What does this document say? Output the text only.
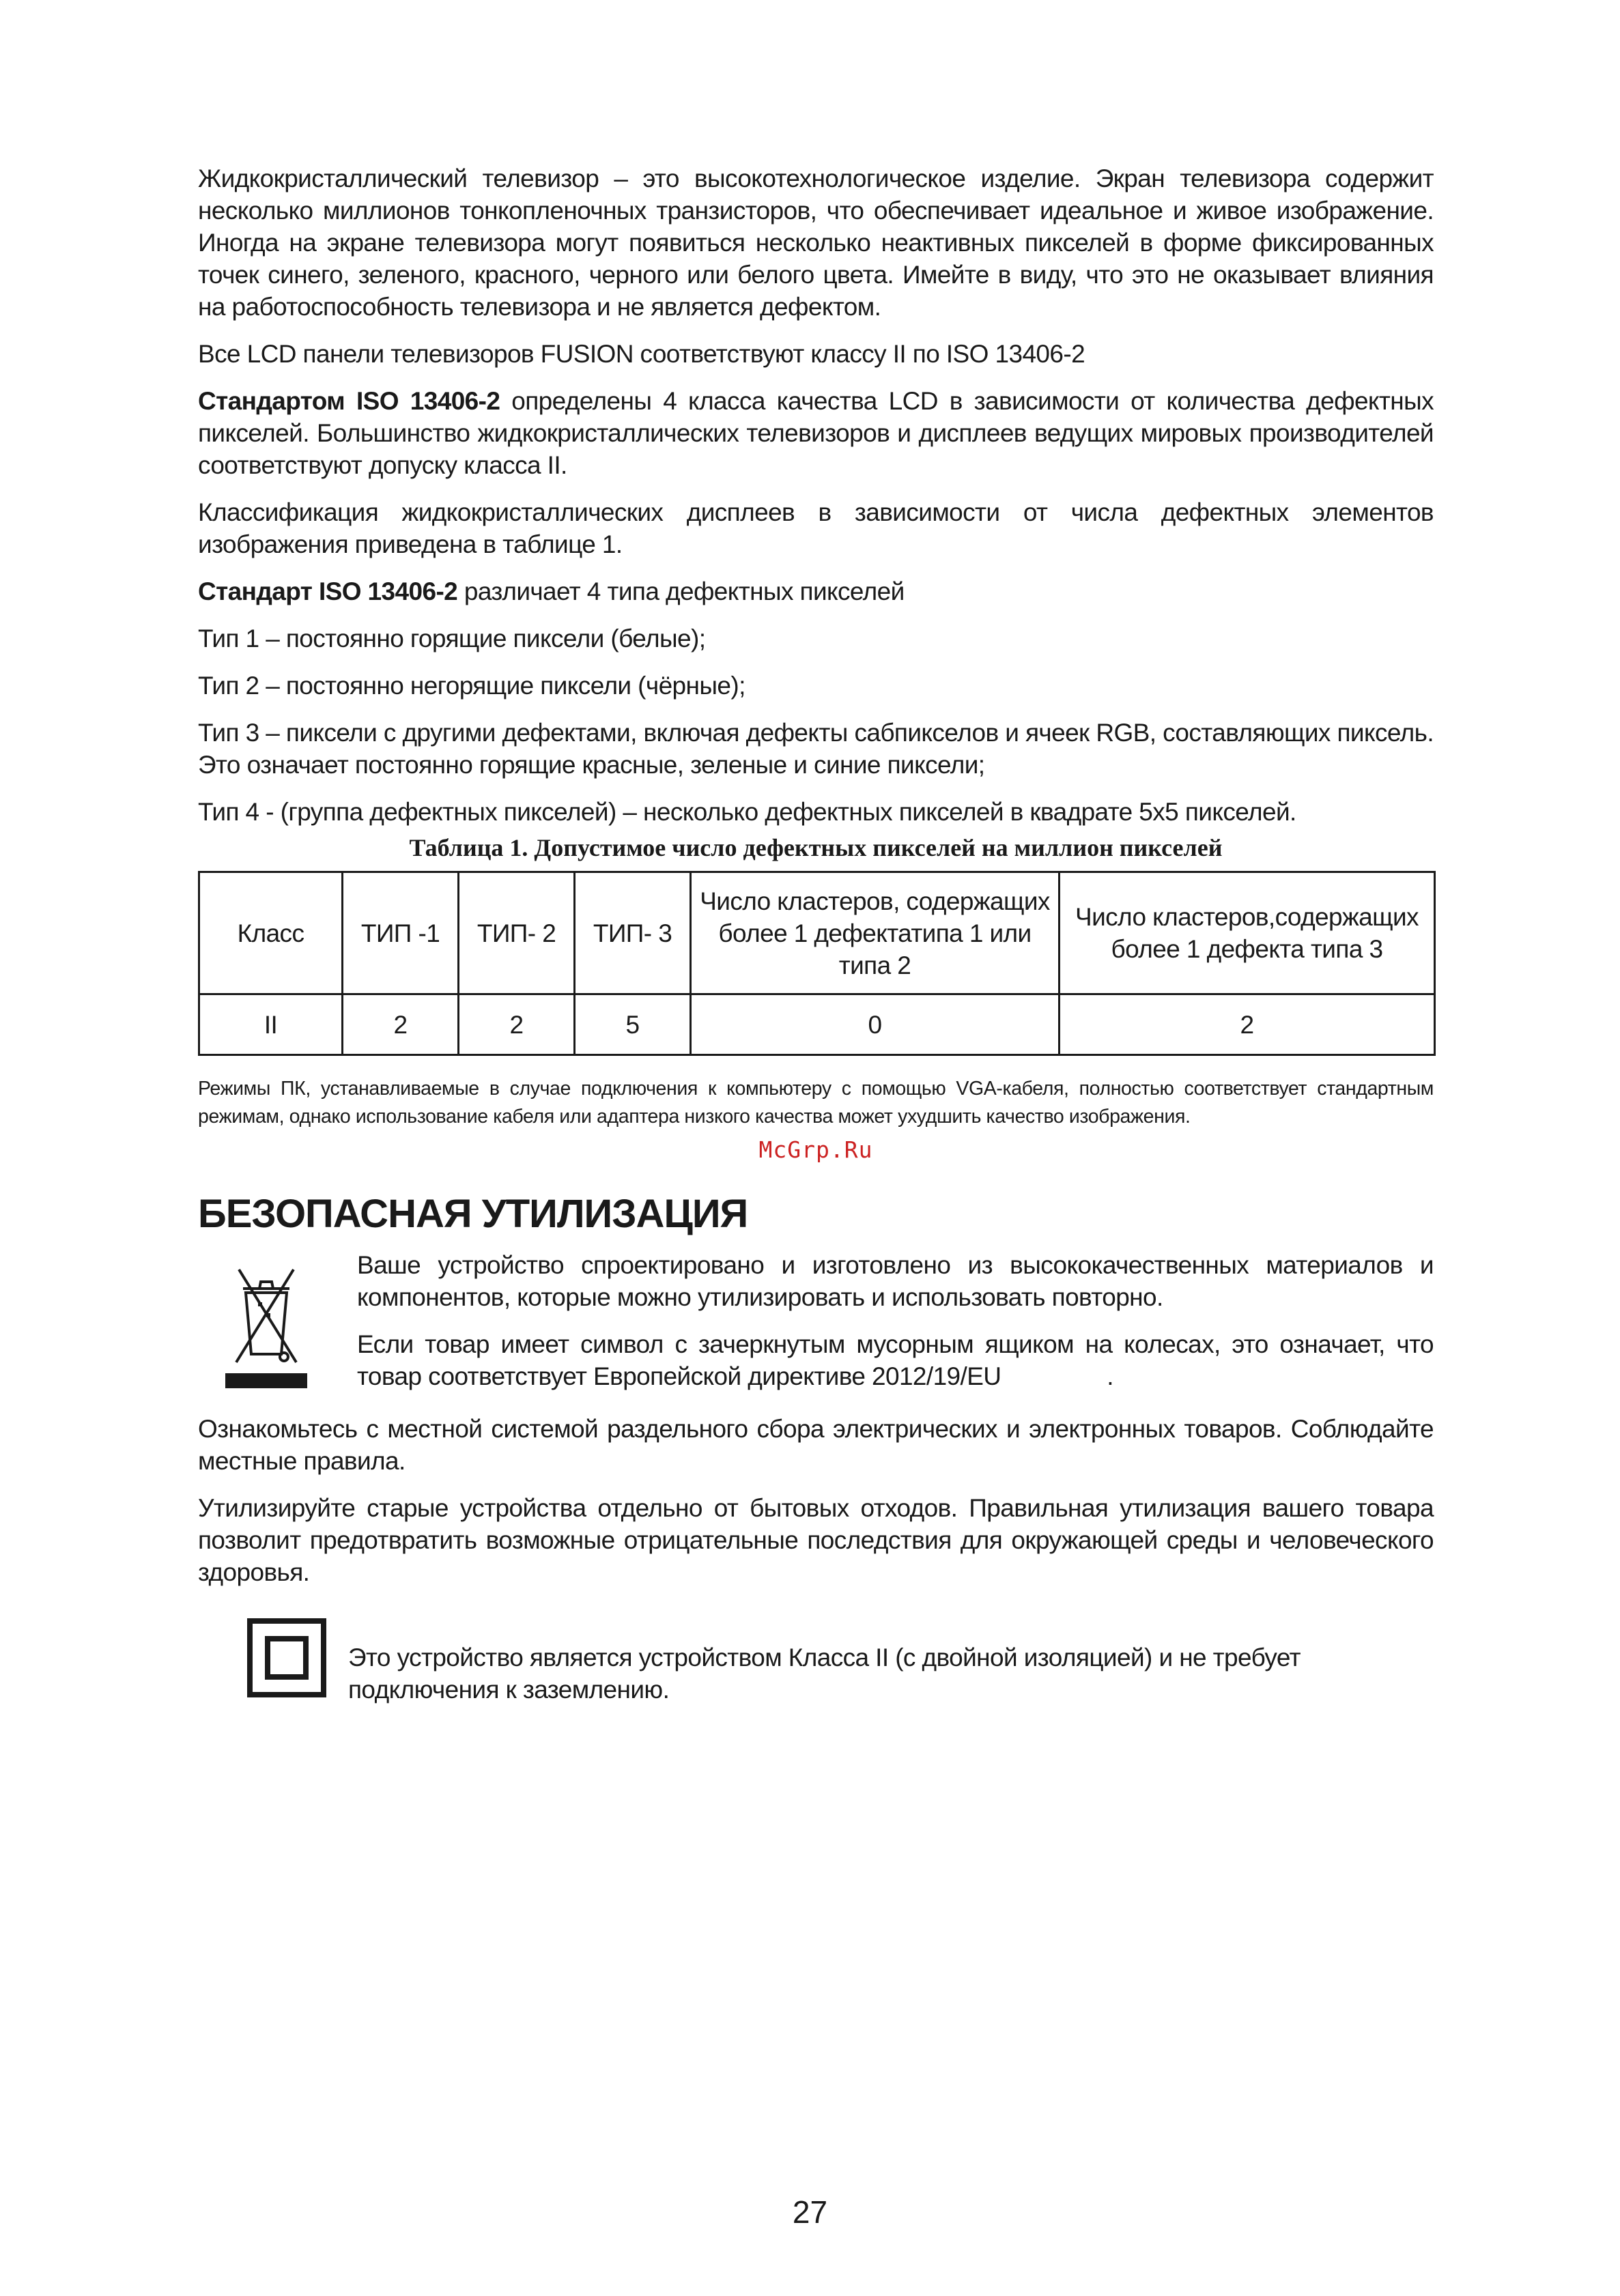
Жидкокристаллический телевизор – это высокотехнологическое изделие. Экран телевизора содержит несколько миллионов тонкопленочных транзисторов, что обеспечивает идеальное и живое изображение. Иногда на экране телевизора могут появиться несколько неактивных пикселей в форме фиксированных точек синего, зеленого, красного, черного или белого цвета. Имейте в виду, что это не оказывает влияния на работоспособность телевизора и не является дефектом.

Все LCD панели телевизоров FUSION соответствуют классу II по ISO 13406-2

Стандартом ISO 13406-2 определены 4 класса качества LCD в зависимости от количества дефектных пикселей. Большинство жидкокристаллических телевизоров и дисплеев ведущих мировых производителей соответствуют допуску класса II.

Классификация жидкокристаллических дисплеев в зависимости от числа дефектных элементов изображения приведена в таблице 1.

Стандарт ISO 13406-2 различает 4 типа дефектных пикселей

Тип 1 – постоянно горящие пиксели (белые);

Тип 2 – постоянно негорящие пиксели (чёрные);

Тип 3 – пиксели с другими дефектами, включая дефекты сабпикселов и ячеек RGB, составляющих пиксель. Это означает постоянно горящие красные, зеленые и синие пиксели;

Тип 4 - (группа дефектных пикселей) – несколько дефектных пикселей в квадрате 5x5 пикселей.

Таблица 1. Допустимое число дефектных пикселей на миллион пикселей
Класс	ТИП -1	ТИП- 2	ТИП- 3	Число кластеров, содержащих более 1 дефектатипа 1 или типа 2	Число кластеров,содержащих более 1 дефекта типа 3
II	2	2	5	0	2
Режимы ПК, устанавливаемые в случае подключения к компьютеру с помощью VGA-кабеля, полностью соответствует стандартным режимам, однако использование кабеля или адаптера низкого качества может ухудшить качество изображения.
McGrp.Ru
БЕЗОПАСНАЯ УТИЛИЗАЦИЯ

Ваше устройство спроектировано и изготовлено из высококачественных материалов и компонентов, которые можно утилизировать и использовать повторно.

Если товар имеет символ с зачеркнутым мусорным ящиком на колесах, это означает, что товар соответствует Европейской директиве 2012/19/EU                .

Ознакомьтесь с местной системой раздельного сбора электрических и электронных товаров. Соблюдайте местные правила.

Утилизируйте старые устройства отдельно от бытовых отходов. Правильная утилизация вашего товара позволит предотвратить возможные отрицательные последствия для окружающей среды и человеческого здоровья.

Это устройство является устройством Класса II (с двойной изоляцией) и не требует подключения к заземлению.
27
